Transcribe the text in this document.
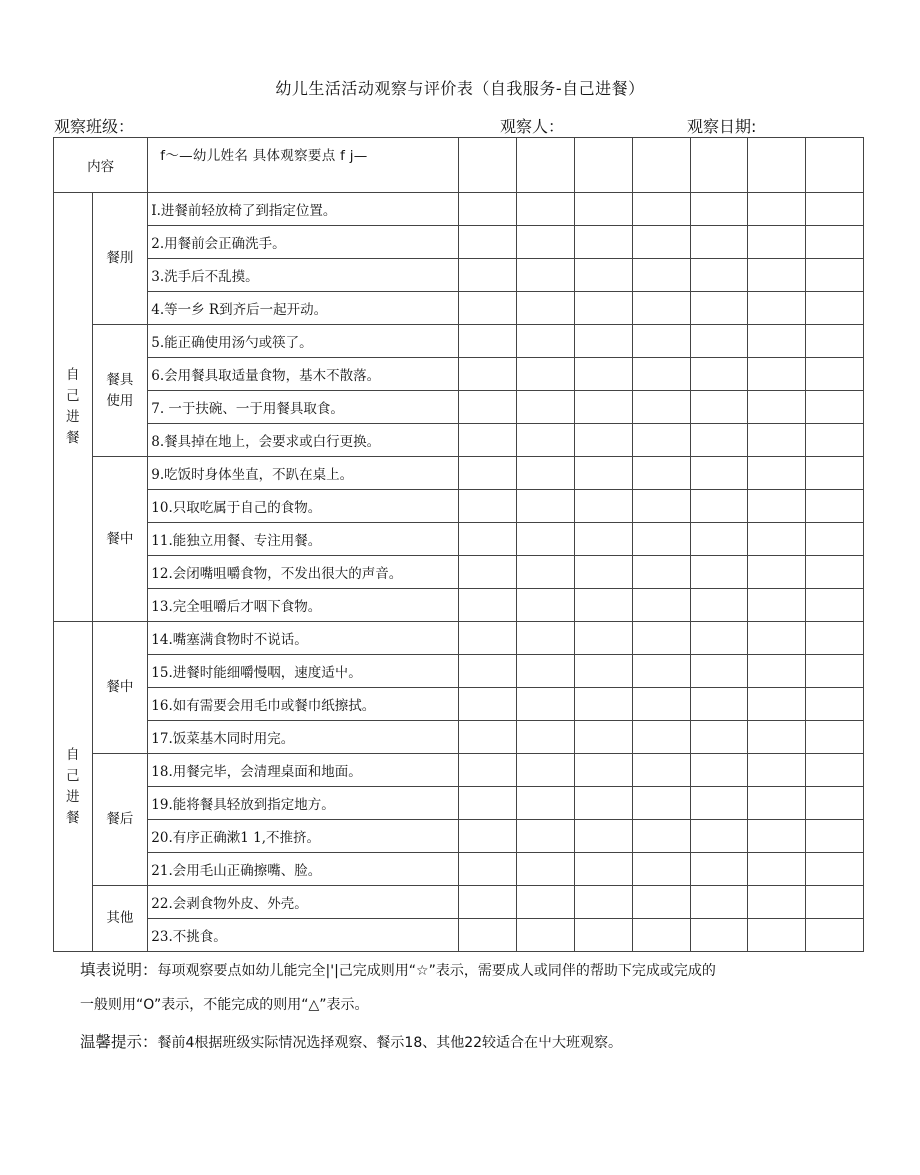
幼儿生活活动观察与评价表（自我服务-自己进餐）
观察班级：	观察人：	观察日期:
内容		f～—幼儿姓名 具体观察要点 f j—							
自己进餐	餐刖	I.进餐前轻放椅了到指定位置。							
		2.用餐前会正确洗手。							
		3.洗手后不乱摸。							
		4.等一乡 R到齐后一起开动。							
	餐具使用	5.能正确使用汤勺或筷了。							
		6.会用餐具取适量食物，基木不散落。							
		7. 一于扶碗、一于用餐具取食。							
		8.餐具掉在地上，会要求或白行更换。							
	餐中	9.吃饭时身体坐直，不趴在桌上。							
		10.只取吃属于自己的食物。							
		11.能独立用餐、专注用餐。							
		12.会闭嘴咀嚼食物，不发出很大的声音。							
		13.完全咀嚼后才咽下食物。							
自己进餐	餐中	14.嘴塞满食物时不说话。							
		15.进餐时能细嚼慢咽，速度适屮。							
		16.如有需要会用毛巾或餐巾纸擦拭。							
		17.饭菜基木同时用完。							
	餐后	18.用餐完毕，会清理桌面和地面。							
		19.能将餐具轻放到指定地方。							
		20.有序正确漱1 1,不推挤。							
		21.会用毛山正确擦嘴、脸。							
	其他	22.会剥食物外皮、外壳。							
		23.不挑食。							
填表说明：每项观察要点如幼儿能完全|'|己完成则用“☆”表示，需要成人或同伴的帮助下完成或完成的
一般则用“O”表示，不能完成的则用“△”表示。
温馨提示：餐前4根据班级实际情况选择观察、餐示18、其他22较适合在屮大班观察。
